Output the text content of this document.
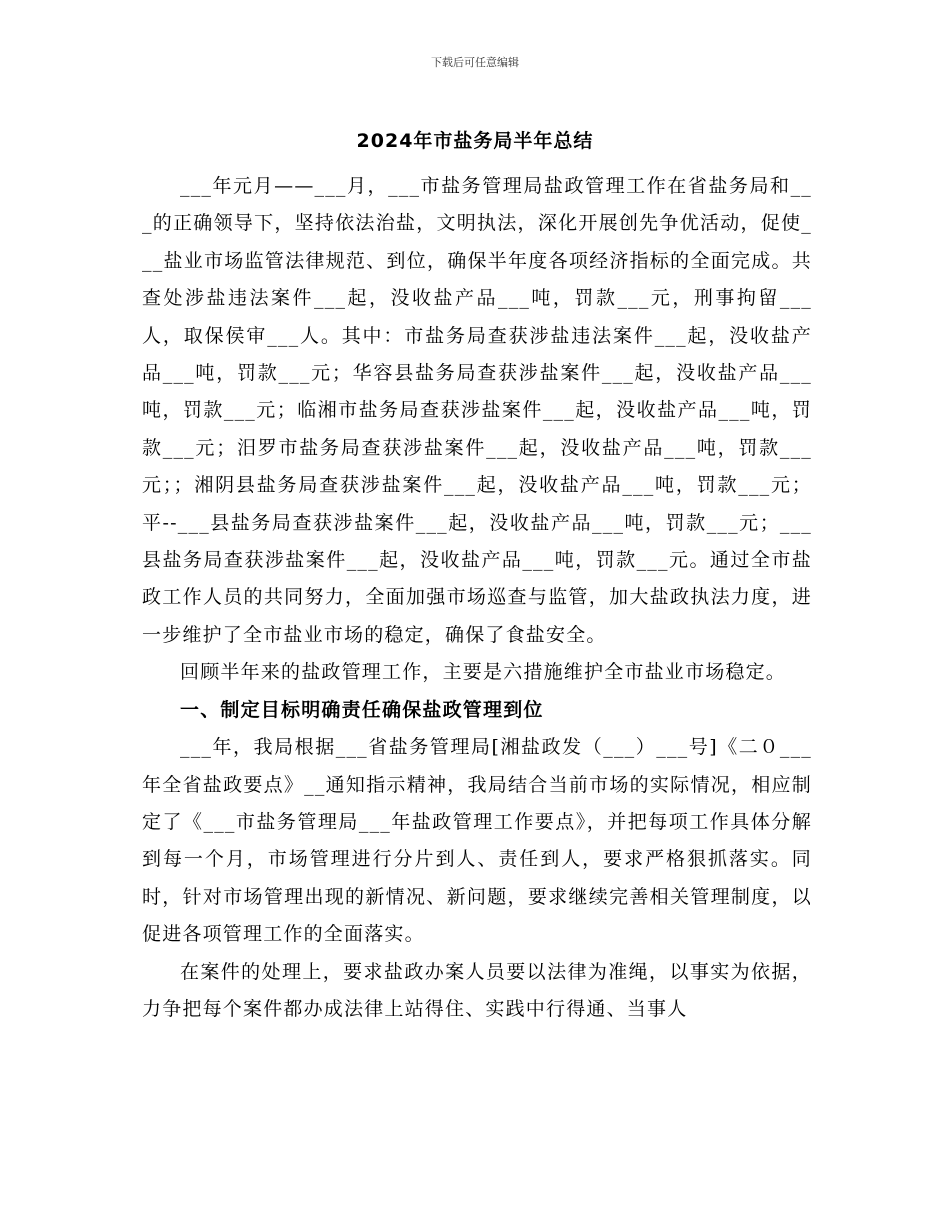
下载后可任意编辑
2024年市盐务局半年总结

___年元月——___月，___市盐务管理局盐政管理工作在省盐务局和___的正确领导下，坚持依法治盐，文明执法，深化开展创先争优活动，促使___盐业市场监管法律规范、到位，确保半年度各项经济指标的全面完成。共查处涉盐违法案件___起，没收盐产品___吨，罚款___元，刑事拘留___人，取保侯审___人。其中：市盐务局查获涉盐违法案件___起，没收盐产品___吨，罚款___元；华容县盐务局查获涉盐案件___起，没收盐产品___吨，罚款___元；临湘市盐务局查获涉盐案件___起，没收盐产品___吨，罚款___元；汨罗市盐务局查获涉盐案件___起，没收盐产品___吨，罚款___元；；湘阴县盐务局查获涉盐案件___起，没收盐产品___吨，罚款___元；平--___县盐务局查获涉盐案件___起，没收盐产品___吨，罚款___元；___县盐务局查获涉盐案件___起，没收盐产品___吨，罚款___元。通过全市盐政工作人员的共同努力，全面加强市场巡查与监管，加大盐政执法力度，进一步维护了全市盐业市场的稳定，确保了食盐安全。

回顾半年来的盐政管理工作，主要是六措施维护全市盐业市场稳定。

一、制定目标明确责任确保盐政管理到位

___年，我局根据___省盐务管理局[湘盐政发（___）___号]《二０___年全省盐政要点》__通知指示精神，我局结合当前市场的实际情况，相应制定了《___市盐务管理局___年盐政管理工作要点》，并把每项工作具体分解到每一个月，市场管理进行分片到人、责任到人，要求严格狠抓落实。同时，针对市场管理出现的新情况、新问题，要求继续完善相关管理制度，以促进各项管理工作的全面落实。

在案件的处理上，要求盐政办案人员要以法律为准绳，以事实为依据，力争把每个案件都办成法律上站得住、实践中行得通、当事人
